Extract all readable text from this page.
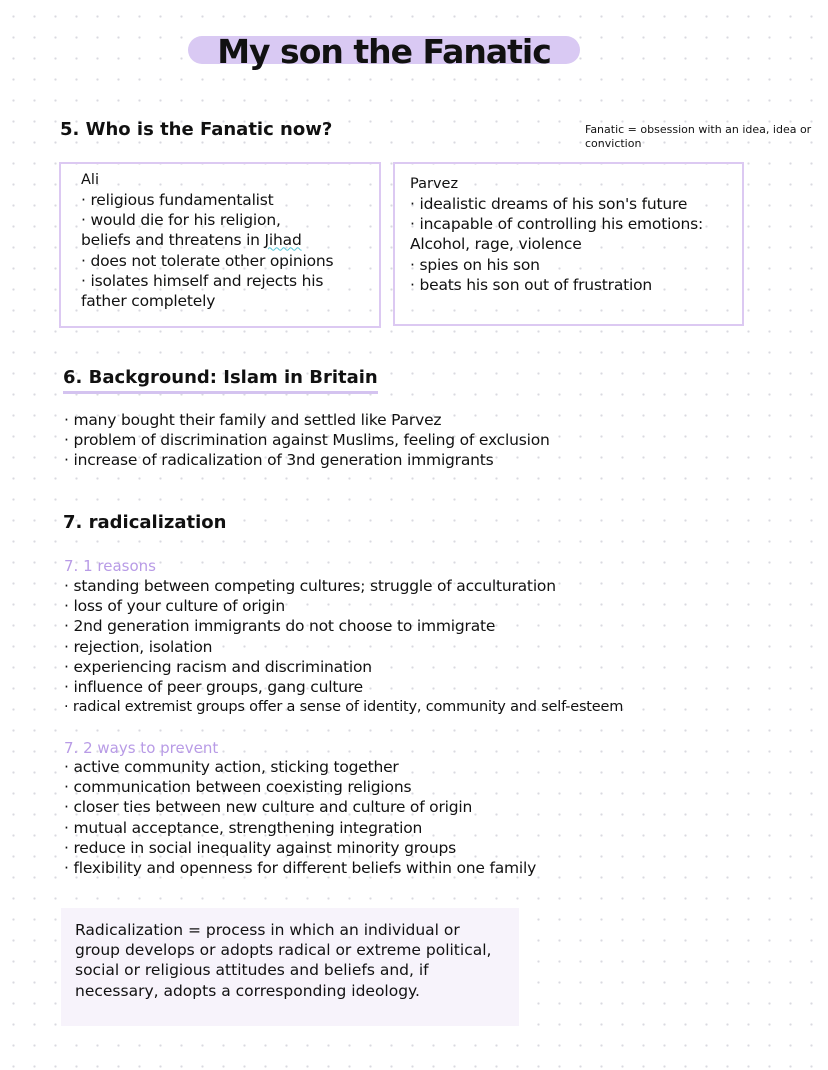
My son the Fanatic
5. Who is the Fanatic now?	Fanatic = obsession with an idea, idea or conviction

Ali

· religious fundamentalist
· would die for his religion,
beliefs and threatens in Jihad
· does not tolerate other opinions
· isolates himself and rejects his father completely

Parvez

· idealistic dreams of his son's future
· incapable of controlling his emotions:
Alcohol, rage, violence
· spies on his son
· beats his son out of frustration
6. Background: Islam in Britain
· many bought their family and settled like Parvez
· problem of discrimination against Muslims, feeling of exclusion
· increase of radicalization of 3nd generation immigrants
7. radicalization

7. 1 reasons

· standing between competing cultures; struggle of acculturation
· loss of your culture of origin
· 2nd generation immigrants do not choose to immigrate
· rejection, isolation
· experiencing racism and discrimination
· influence of peer groups, gang culture
· radical extremist groups offer a sense of identity, community and self-esteem

7. 2 ways to prevent

· active community action, sticking together
· communication between coexisting religions
· closer ties between new culture and culture of origin
· mutual acceptance, strengthening integration
· reduce in social inequality against minority groups
· flexibility and openness for different beliefs within one family

Radicalization = process in which an individual or group develops or adopts radical or extreme political, social or religious attitudes and beliefs and, if necessary, adopts a corresponding ideology.
